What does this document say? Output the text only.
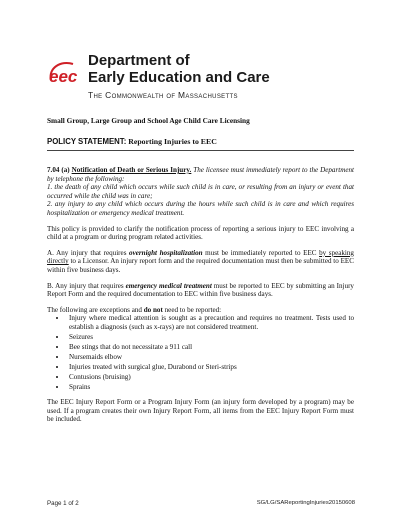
eec
Department of
Early Education and Care
The Commonwealth of Massachusetts
Small Group, Large Group and School Age Child Care Licensing
POLICY STATEMENT: Reporting Injuries to EEC

7.04 (a) Notification of Death or Serious Injury. The licensee must immediately report to the Department by telephone the following:
1. the death of any child which occurs while such child is in care, or resulting from an injury or event that occurred while the child was in care;
2. any injury to any child which occurs during the hours while such child is in care and which requires hospitalization or emergency medical treatment.

This policy is provided to clarify the notification process of reporting a serious injury to EEC involving a child at a program or during program related activities.

A. Any injury that requires overnight hospitalization must be immediately reported to EEC by speaking directly to a Licensor. An injury report form and the required documentation must then be submitted to EEC within five business days.

B. Any injury that requires emergency medical treatment must be reported to EEC by submitting an Injury Report Form and the required documentation to EEC within five business days.

The following are exceptions and do not need to be reported:
• Injury where medical attention is sought as a precaution and requires no treatment. Tests used to establish a diagnosis (such as x-rays) are not considered treatment.
• Seizures
• Bee stings that do not necessitate a 911 call
• Nursemaids elbow
• Injuries treated with surgical glue, Durabond or Steri-strips
• Contusions (bruising)
• Sprains

The EEC Injury Report Form or a Program Injury Form (an injury form developed by a program) may be used. If a program creates their own Injury Report Form, all items from the EEC Injury Report Form must be included.

Page 1 of 2	SG/LG/SAReportingInjuries20150608
